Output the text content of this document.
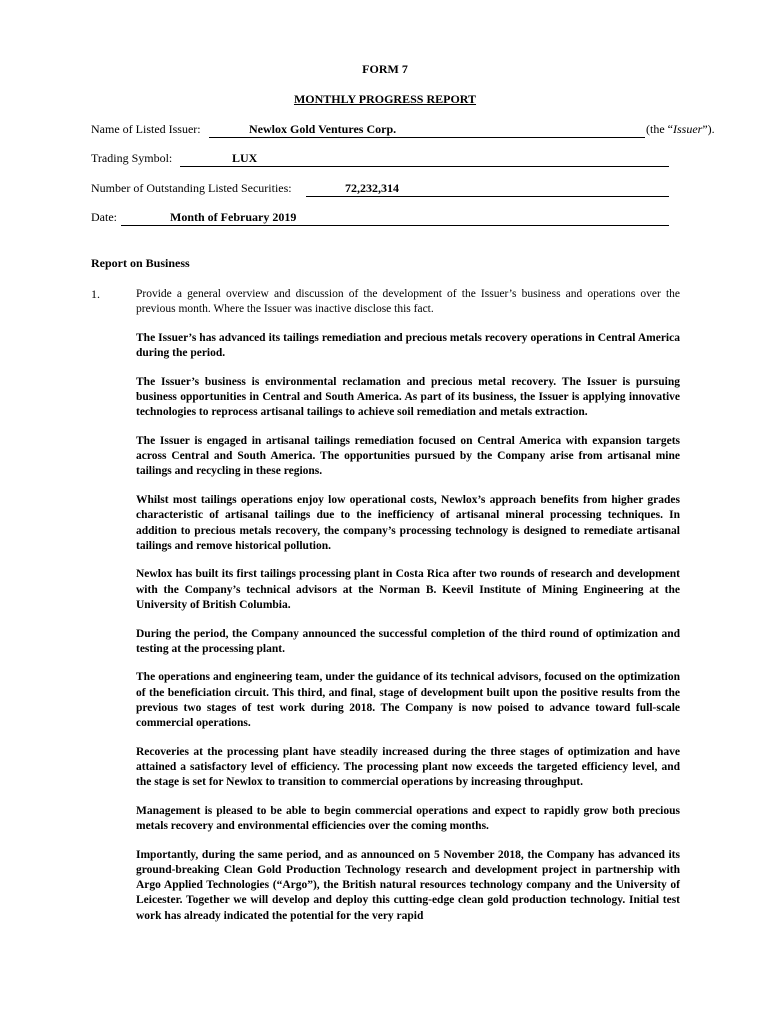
FORM 7
MONTHLY PROGRESS REPORT
Name of Listed Issuer:	Newlox Gold Ventures Corp.	(the “Issuer”).
Trading Symbol:	LUX
Number of Outstanding Listed Securities:	72,232,314
Date:	Month of February 2019
Report on Business
1.	Provide a general overview and discussion of the development of the Issuer’s business and operations over the previous month. Where the Issuer was inactive disclose this fact.

The Issuer’s has advanced its tailings remediation and precious metals recovery operations in Central America during the period.

The Issuer’s business is environmental reclamation and precious metal recovery. The Issuer is pursuing business opportunities in Central and South America. As part of its business, the Issuer is applying innovative technologies to reprocess artisanal tailings to achieve soil remediation and metals extraction.

The Issuer is engaged in artisanal tailings remediation focused on Central America with expansion targets across Central and South America. The opportunities pursued by the Company arise from artisanal mine tailings and recycling in these regions.

Whilst most tailings operations enjoy low operational costs, Newlox’s approach benefits from higher grades characteristic of artisanal tailings due to the inefficiency of artisanal mineral processing techniques. In addition to precious metals recovery, the company’s processing technology is designed to remediate artisanal tailings and remove historical pollution.

Newlox has built its first tailings processing plant in Costa Rica after two rounds of research and development with the Company’s technical advisors at the Norman B. Keevil Institute of Mining Engineering at the University of British Columbia.

During the period, the Company announced the successful completion of the third round of optimization and testing at the processing plant.

The operations and engineering team, under the guidance of its technical advisors, focused on the optimization of the beneficiation circuit. This third, and final, stage of development built upon the positive results from the previous two stages of test work during 2018. The Company is now poised to advance toward full-scale commercial operations.

Recoveries at the processing plant have steadily increased during the three stages of optimization and have attained a satisfactory level of efficiency. The processing plant now exceeds the targeted efficiency level, and the stage is set for Newlox to transition to commercial operations by increasing throughput.

Management is pleased to be able to begin commercial operations and expect to rapidly grow both precious metals recovery and environmental efficiencies over the coming months.

Importantly, during the same period, and as announced on 5 November 2018, the Company has advanced its ground-breaking Clean Gold Production Technology research and development project in partnership with Argo Applied Technologies (“Argo”), the British natural resources technology company and the University of Leicester. Together we will develop and deploy this cutting-edge clean gold production technology. Initial test work has already indicated the potential for the very rapid
